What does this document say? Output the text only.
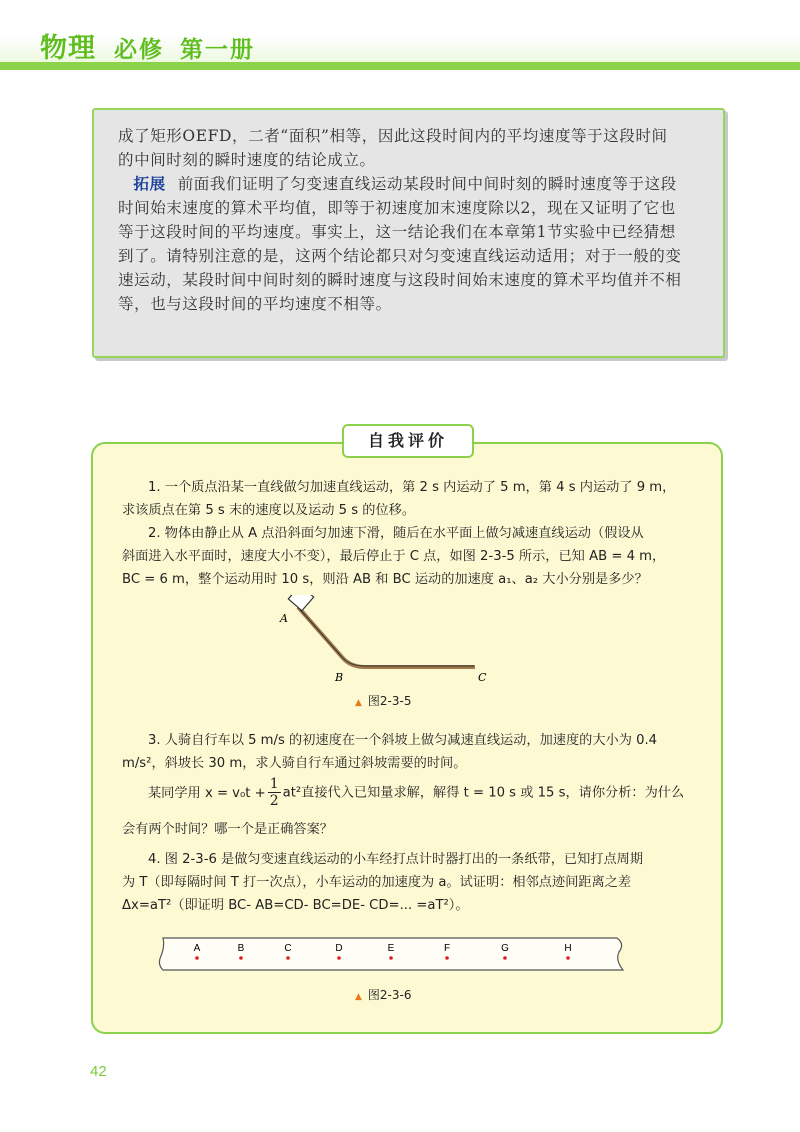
物理 必修 第一册

成了矩形OEFD，二者“面积”相等，因此这段时间内的平均速度等于这段时间

的中间时刻的瞬时速度的结论成立。

拓展 前面我们证明了匀变速直线运动某段时间中间时刻的瞬时速度等于这段

时间始末速度的算术平均值，即等于初速度加末速度除以2，现在又证明了它也

等于这段时间的平均速度。事实上，这一结论我们在本章第1节实验中已经猜想

到了。请特别注意的是，这两个结论都只对匀变速直线运动适用；对于一般的变

速运动，某段时间中间时刻的瞬时速度与这段时间始末速度的算术平均值并不相

等，也与这段时间的平均速度不相等。

自我评价

1. 一个质点沿某一直线做匀加速直线运动，第 2 s 内运动了 5 m，第 4 s 内运动了 9 m，

求该质点在第 5 s 末的速度以及运动 5 s 的位移。

2. 物体由静止从 A 点沿斜面匀加速下滑，随后在水平面上做匀减速直线运动（假设从

斜面进入水平面时，速度大小不变），最后停止于 C 点，如图 2-3-5 所示，已知 AB = 4 m，

BC = 6 m，整个运动用时 10 s，则沿 AB 和 BC 运动的加速度 a₁、a₂ 大小分别是多少？

A
B	C
▲ 图2-3-5

3. 人骑自行车以 5 m/s 的初速度在一个斜坡上做匀减速直线运动，加速度的大小为 0.4

m/s²，斜坡长 30 m，求人骑自行车通过斜坡需要的时间。

某同学用 $x = v_0t + \frac{1}{2} at^2$直接代入已知量求解，解得 t = 10 s 或 15 s，请你分析：为什么

会有两个时间？哪一个是正确答案？

4. 图 2-3-6 是做匀变速直线运动的小车经打点计时器打出的一条纸带，已知打点周期

为 T（即每隔时间 T 打一次点），小车运动的加速度为 a。试证明：相邻点迹间距离之差

Δx=aT²（即证明 BC- AB=CD- BC=DE- CD=... =aT²）。

A	B	C	D	E	F	G	H
▲ 图2-3-6
42
